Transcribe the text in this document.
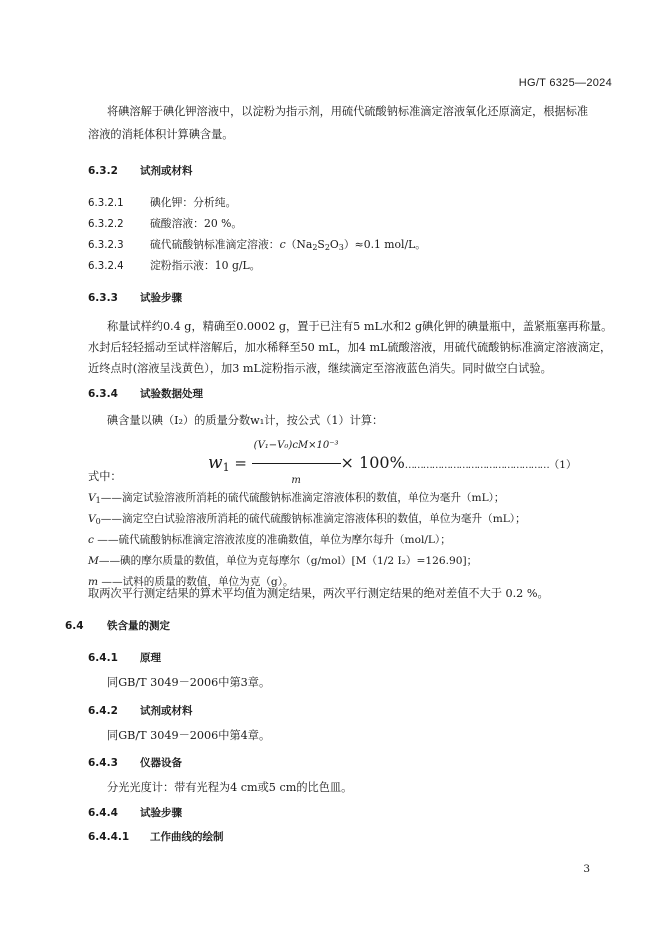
HG/T 6325—2024
将碘溶解于碘化钾溶液中，以淀粉为指示剂，用硫代硫酸钠标准滴定溶液氧化还原滴定，根据标准
溶液的消耗体积计算碘含量。
6.3.2 试剂或材料
6.3.2.1 碘化钾：分析纯。
6.3.2.2 硫酸溶液：20 %。
6.3.2.3 硫代硫酸钠标准滴定溶液：c（Na2S2O3）≈0.1 mol/L。
6.3.2.4 淀粉指示液：10 g/L。
6.3.3 试验步骤
称量试样约0.4 g，精确至0.0002 g，置于已注有5 mL水和2 g碘化钾的碘量瓶中，盖紧瓶塞再称量。
水封后轻轻摇动至试样溶解后，加水稀释至50 mL，加4 mL硫酸溶液，用硫代硫酸钠标准滴定溶液滴定，
近终点时(溶液呈浅黄色），加3 mL淀粉指示液，继续滴定至溶液蓝色消失。同时做空白试验。
6.3.4 试验数据处理
碘含量以碘（I₂）的质量分数w₁计，按公式（1）计算：
$w1 = \frac{\text{(V₁−V₀)cM×10⁻³}}{m}$ × 100%…………………………………………（1）
式中：
V1——滴定试验溶液所消耗的硫代硫酸钠标准滴定溶液体积的数值，单位为毫升（mL）；
V0——滴定空白试验溶液所消耗的硫代硫酸钠标准滴定溶液体积的数值，单位为毫升（mL）；
c ——硫代硫酸钠标准滴定溶液浓度的准确数值，单位为摩尔每升（mol/L）；
M——碘的摩尔质量的数值，单位为克每摩尔（g/mol）[M（1/2 I₂）=126.90]；
m ——试料的质量的数值，单位为克（g）。
取两次平行测定结果的算术平均值为测定结果，两次平行测定结果的绝对差值不大于 0.2 %。
6.4 铁含量的测定
6.4.1 原理
同GB/T 3049－2006中第3章。
6.4.2 试剂或材料
同GB/T 3049－2006中第4章。
6.4.3 仪器设备
分光光度计：带有光程为4 cm或5 cm的比色皿。
6.4.4 试验步骤
6.4.4.1 工作曲线的绘制
3
